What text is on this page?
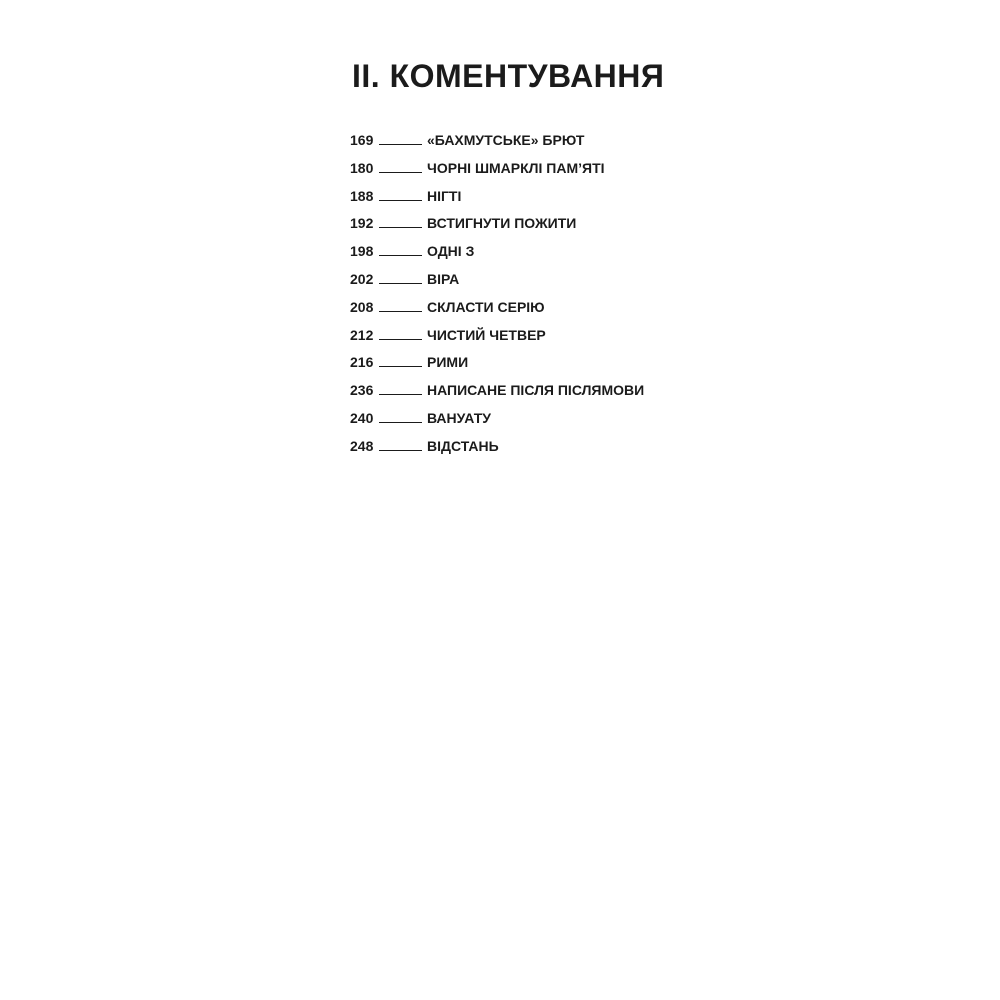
II. КОМЕНТУВАННЯ
169	«БАХМУТСЬКЕ» БРЮТ
180	ЧОРНІ ШМАРКЛІ ПАМ’ЯТІ
188	НІГТІ
192	ВСТИГНУТИ ПОЖИТИ
198	ОДНІ З
202	ВІРА
208	СКЛАСТИ СЕРІЮ
212	ЧИСТИЙ ЧЕТВЕР
216	РИМИ
236	НАПИСАНЕ ПІСЛЯ ПІСЛЯМОВИ
240	ВАНУАТУ
248	ВІДСТАНЬ
